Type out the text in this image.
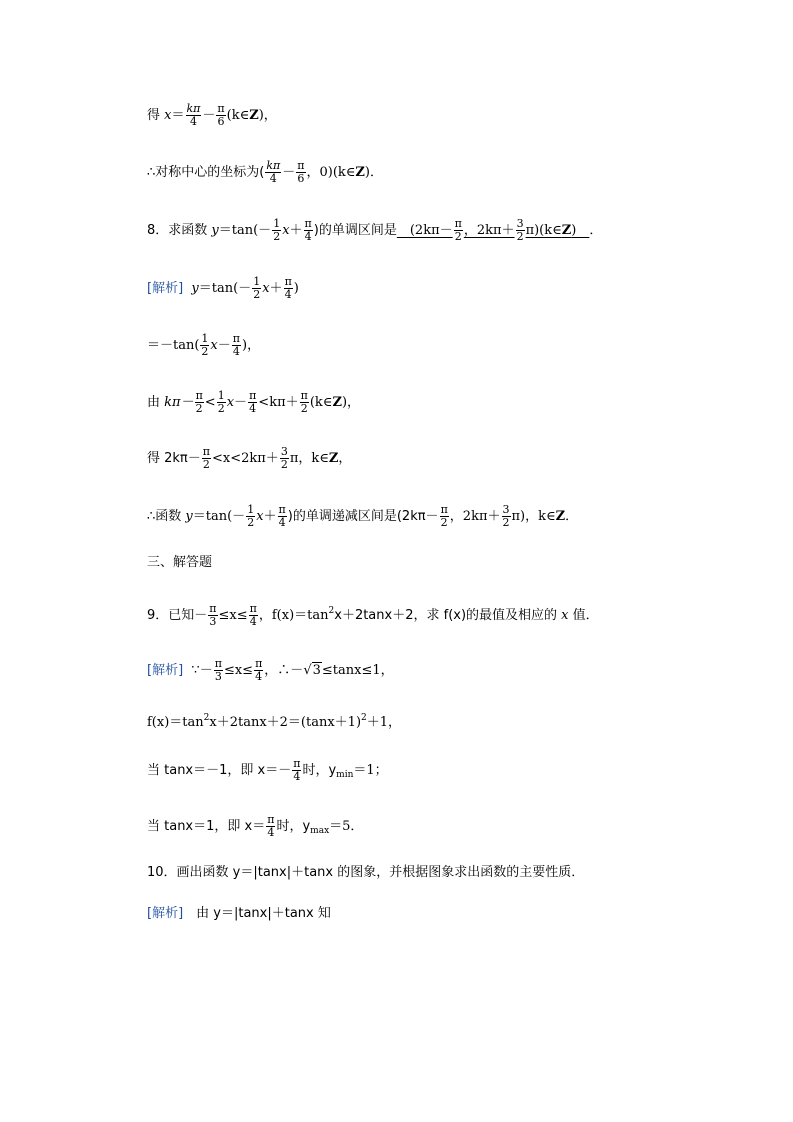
得 $x= \frac{k\pi}{4} - \frac{\pi}{6}$ (k∈Z)，
∴对称中心的坐标为( $\frac{k\pi}{4} - \frac{\pi}{6}$ ，0)(k∈Z)．
8．求函数 $y=\tan(- \frac{1}{2} x+ \frac{\pi}{4}$ )的单调区间是　($2k\pi- \frac{\pi}{2}$ ，$2k\pi+ \frac{3}{2}$ π)(k∈Z)　．
[解析] $y=\tan(- \frac{1}{2} x+ \frac{\pi}{4}$ )
$=-\tan( \frac{1}{2} x- \frac{\pi}{4}$ )，
由 $k\pi- \frac{\pi}{2} < \frac{1}{2} x- \frac{\pi}{4} <k\pi+ \frac{\pi}{2}$ (k∈Z)，
得 $2k\pi- \frac{\pi}{2} <x<2k\pi+ \frac{3}{2}$ π，k∈Z，
∴函数 $y=\tan(- \frac{1}{2} x+ \frac{\pi}{4}$ )的单调递减区间是($2k\pi- \frac{\pi}{2}$ ，$2k\pi+ \frac{3}{2} \pi$)，k∈Z．
三、解答题
9．已知－ $\frac{\pi}{3} \le x\le \frac{\pi}{4}$ ，$f(x)=\tan^2x+2\tan x+2$，求 f(x)的最值及相应的 x 值．
[解析] ∵－ $\frac{\pi}{3} \le x\le \frac{\pi}{4}$ ，∴－√3≤tanx≤1，
$f(x)=\tan^2x+2\tan x+2=(\tan x+1)^2+1$，
当 tanx＝－1，即 $x=- \frac{\pi}{4}$ 时，$y_{min}=1$；
当 tanx＝1，即 $x= \frac{\pi}{4}$ 时，$y_{max}=5$．
10．画出函数 y＝|tanx|＋tanx 的图象，并根据图象求出函数的主要性质．
[解析]　由 y＝|tanx|＋tanx 知
